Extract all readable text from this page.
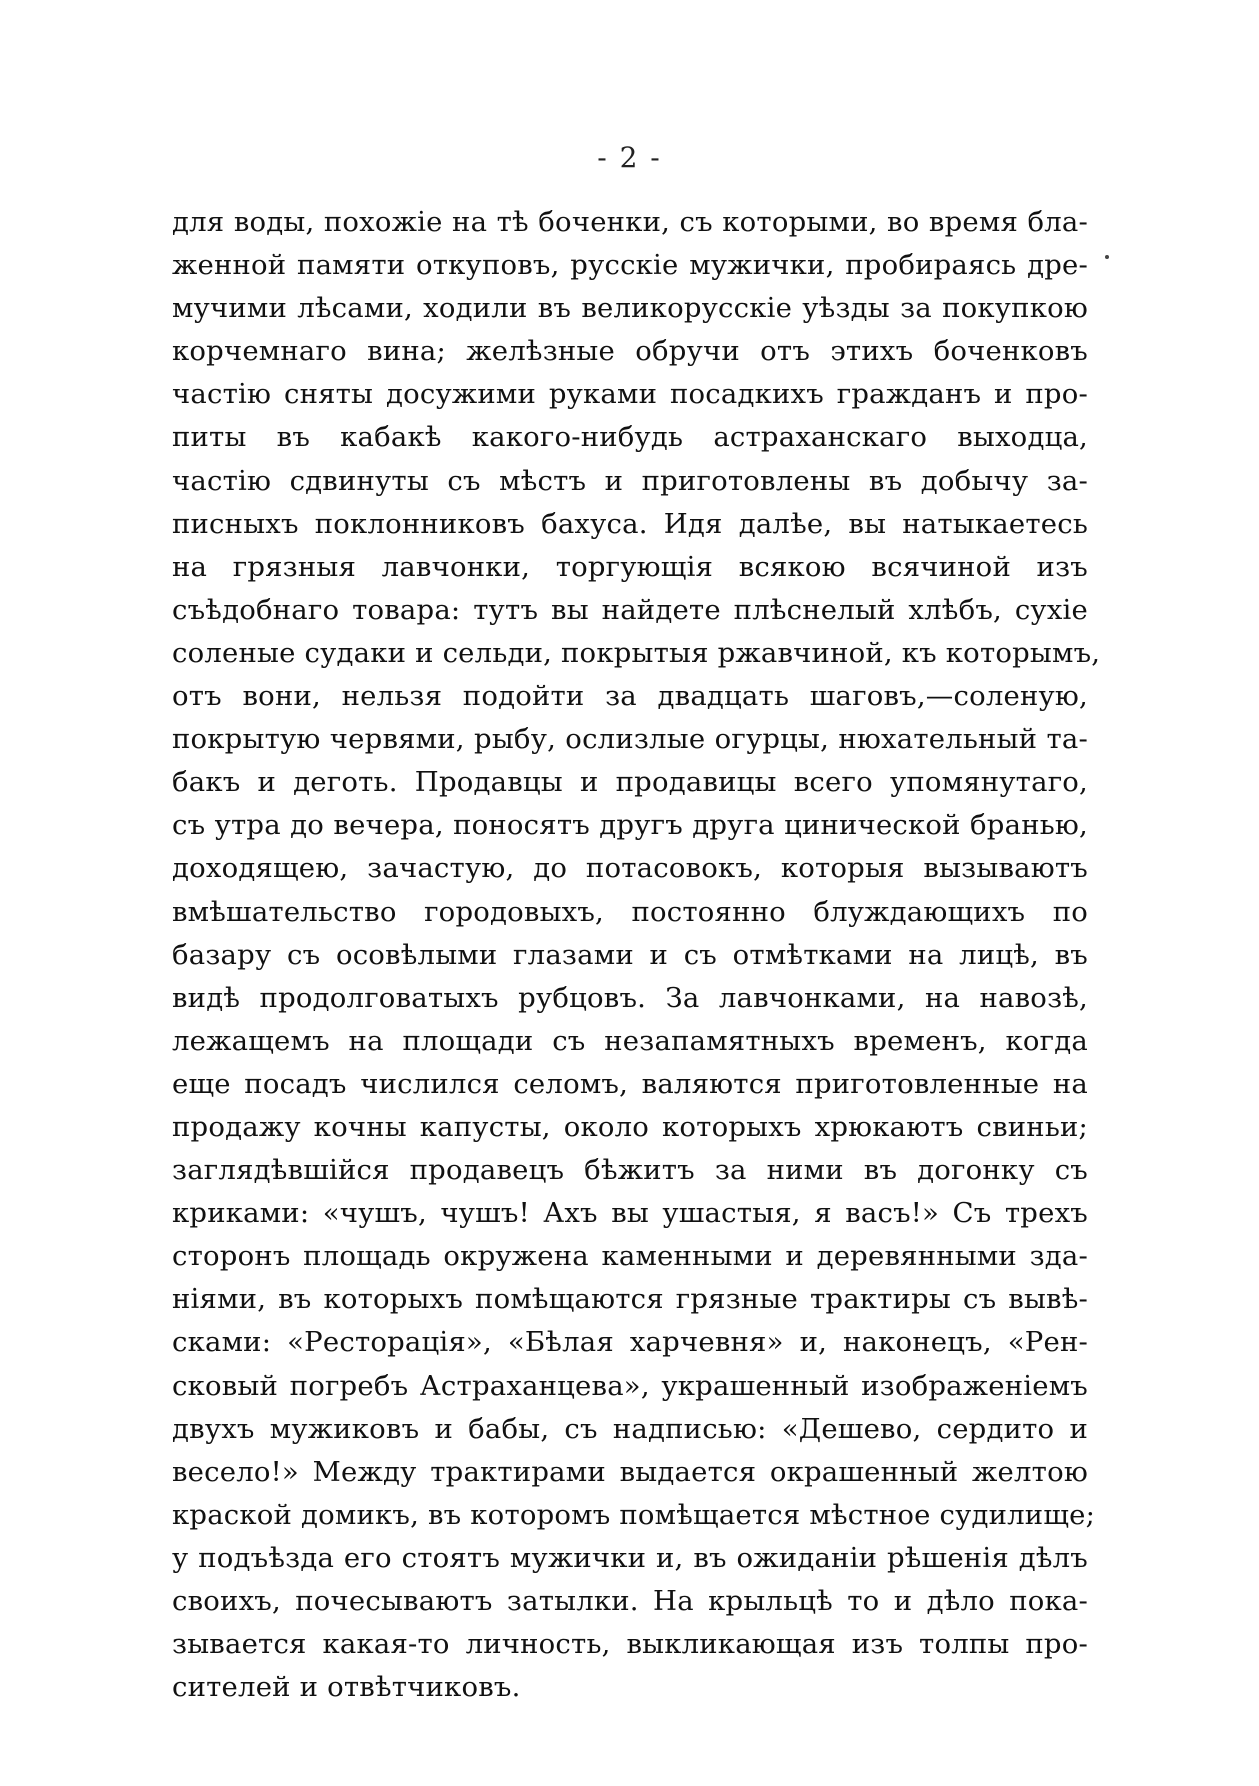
- 2 -
для воды, похожіе на тѣ боченки, съ которыми, во время бла-
женной памяти откуповъ, русскіе мужички, пробираясь дре-
мучими лѣсами, ходили въ великорусскіе уѣзды за покупкою
корчемнаго вина; желѣзные обручи отъ этихъ боченковъ
частію сняты досужими руками посадкихъ гражданъ и про-
питы въ кабакѣ какого-нибудь астраханскаго выходца,
частію сдвинуты съ мѣстъ и приготовлены въ добычу за-
писныхъ поклонниковъ бахуса. Идя далѣе, вы натыкаетесь
на грязныя лавчонки, торгующія всякою всячиной изъ
съѣдобнаго товара: тутъ вы найдете плѣснелый хлѣбъ, сухіе
соленые судаки и сельди, покрытыя ржавчиной, къ которымъ,
отъ вони, нельзя подойти за двадцать шаговъ,—соленую,
покрытую червями, рыбу, ослизлые огурцы, нюхательный та-
бакъ и деготь. Продавцы и продавицы всего упомянутаго,
съ утра до вечера, поносятъ другъ друга циничеcкой бранью,
доходящею, зачастую, до потасовокъ, которыя вызываютъ
вмѣшательство городовыхъ, постоянно блуждающихъ по
базару съ осовѣлыми глазами и съ отмѣтками на лицѣ, въ
видѣ продолговатыхъ рубцовъ. За лавчонками, на навозѣ,
лежащемъ на площади съ незапамятныхъ временъ, когда
еще посадъ числился селомъ, валяются приготовленные на
продажу кочны капусты, около которыхъ хрюкаютъ свиньи;
заглядѣвшійся продавецъ бѣжитъ за ними въ догонку съ
криками: «чушъ, чушъ! Ахъ вы ушастыя, я васъ!» Съ трехъ
сторонъ площадь окружена каменными и деревянными зда-
ніями, въ которыхъ помѣщаются грязные трактиры съ вывѣ-
сками: «Ресторація», «Бѣлая харчевня» и, наконецъ, «Рен-
сковый погребъ Астраханцева», украшенный изображеніемъ
двухъ мужиковъ и бабы, съ надписью: «Дешево, сердито и
весело!» Между трактирами выдается окрашенный желтою
краской домикъ, въ которомъ помѣщается мѣстное судилище;
у подъѣзда его стоятъ мужички и, въ ожиданіи рѣшенія дѣлъ
своихъ, почесываютъ затылки. На крыльцѣ то и дѣло пока-
зывается какая-то личность, выкликающая изъ толпы про-
сителей и отвѣтчиковъ.
